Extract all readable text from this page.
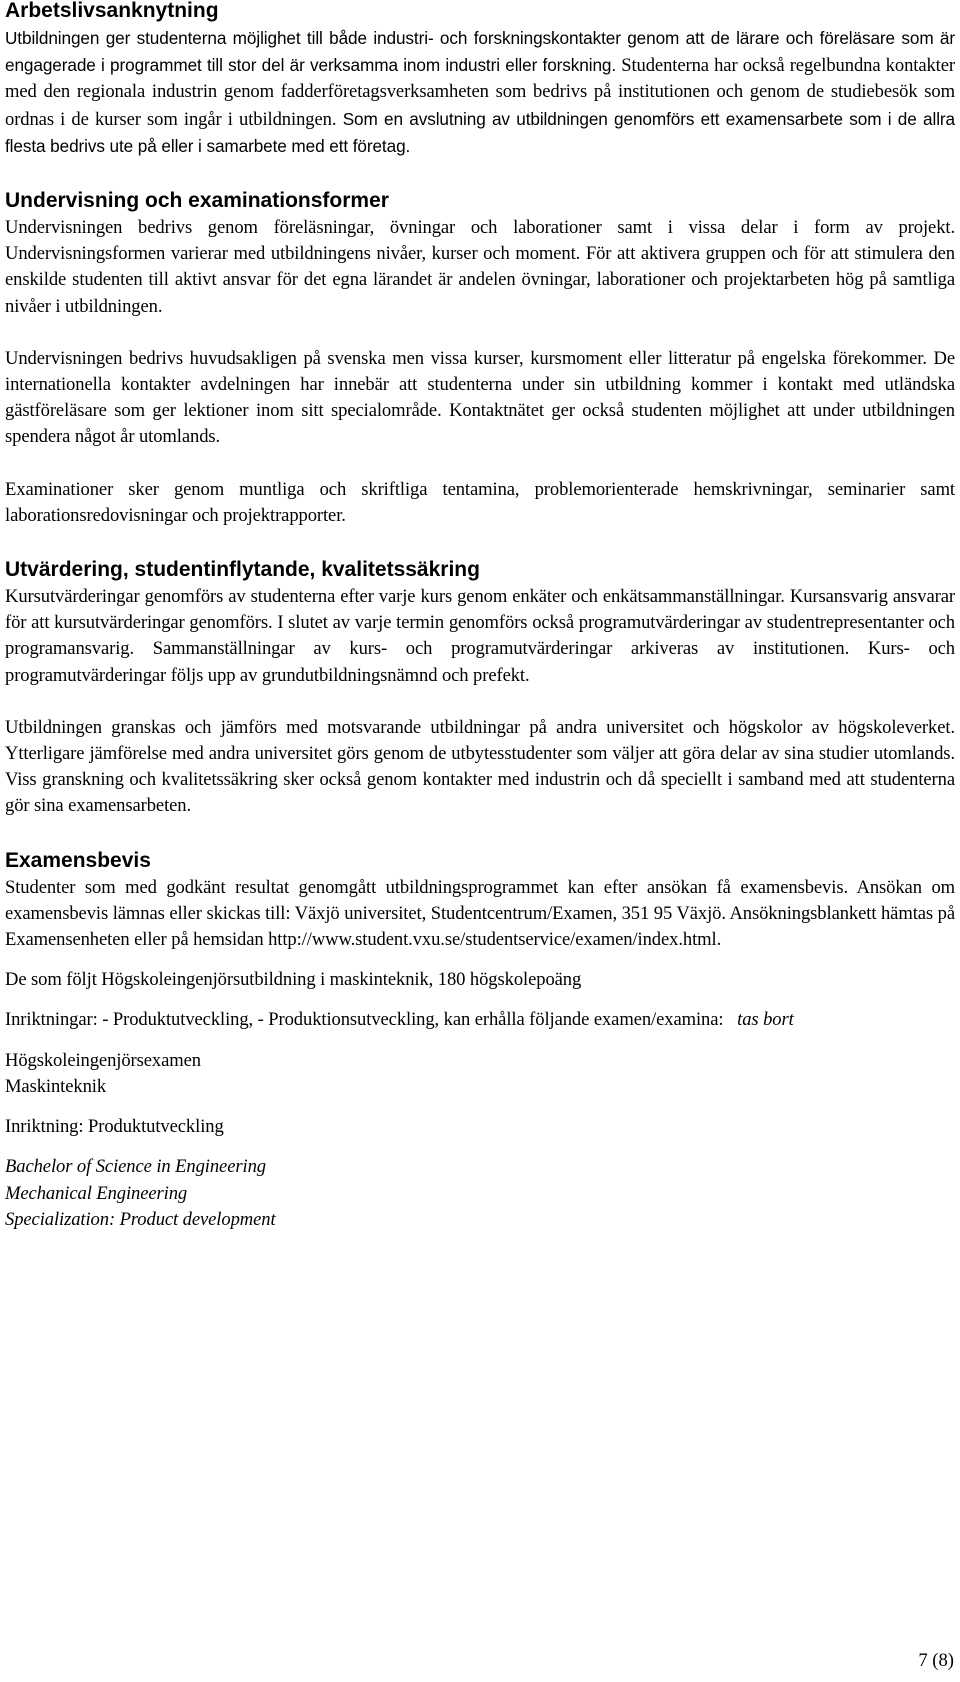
Arbetslivsanknytning

Utbildningen ger studenterna möjlighet till både industri- och forskningskontakter genom att de lärare och föreläsare som är engagerade i programmet till stor del är verksamma inom industri eller forskning. Studenterna har också regelbundna kontakter med den regionala industrin genom fadderföretagsverksamheten som bedrivs på institutionen och genom de studiebesök som ordnas i de kurser som ingår i utbildningen. Som en avslutning av utbildningen genomförs ett examensarbete som i de allra flesta bedrivs ute på eller i samarbete med ett företag.

Undervisning och examinationsformer

Undervisningen bedrivs genom föreläsningar, övningar och laborationer samt i vissa delar i form av projekt. Undervisningsformen varierar med utbildningens nivåer, kurser och moment. För att aktivera gruppen och för att stimulera den enskilde studenten till aktivt ansvar för det egna lärandet är andelen övningar, laborationer och projektarbeten hög på samtliga nivåer i utbildningen.

Undervisningen bedrivs huvudsakligen på svenska men vissa kurser, kursmoment eller litteratur på engelska förekommer. De internationella kontakter avdelningen har innebär att studenterna under sin utbildning kommer i kontakt med utländska gästföreläsare som ger lektioner inom sitt specialområde. Kontaktnätet ger också studenten möjlighet att under utbildningen spendera något år utomlands.

Examinationer sker genom muntliga och skriftliga tentamina, problemorienterade hemskrivningar, seminarier samt laborationsredovisningar och projektrapporter.

Utvärdering, studentinflytande, kvalitetssäkring

Kursutvärderingar genomförs av studenterna efter varje kurs genom enkäter och enkätsammanställningar. Kursansvarig ansvarar för att kursutvärderingar genomförs. I slutet av varje termin genomförs också programutvärderingar av studentrepresentanter och programansvarig. Sammanställningar av kurs- och programutvärderingar arkiveras av institutionen. Kurs- och programutvärderingar följs upp av grundutbildningsnämnd och prefekt.

Utbildningen granskas och jämförs med motsvarande utbildningar på andra universitet och högskolor av högskoleverket. Ytterligare jämförelse med andra universitet görs genom de utbytesstudenter som väljer att göra delar av sina studier utomlands. Viss granskning och kvalitetssäkring sker också genom kontakter med industrin och då speciellt i samband med att studenterna gör sina examensarbeten.

Examensbevis

Studenter som med godkänt resultat genomgått utbildningsprogrammet kan efter ansökan få examensbevis. Ansökan om examensbevis lämnas eller skickas till: Växjö universitet, Studentcentrum/Examen, 351 95 Växjö. Ansökningsblankett hämtas på Examensenheten eller på hemsidan http://www.student.vxu.se/studentservice/examen/index.html.

De som följt Högskoleingenjörsutbildning i maskinteknik, 180 högskolepoäng

Inriktningar: - Produktutveckling, - Produktionsutveckling, kan erhålla följande examen/examina: tas bort

Högskoleingenjörsexamen
Maskinteknik

Inriktning: Produktutveckling

Bachelor of Science in Engineering
Mechanical Engineering
Specialization: Product development

7 (8)
